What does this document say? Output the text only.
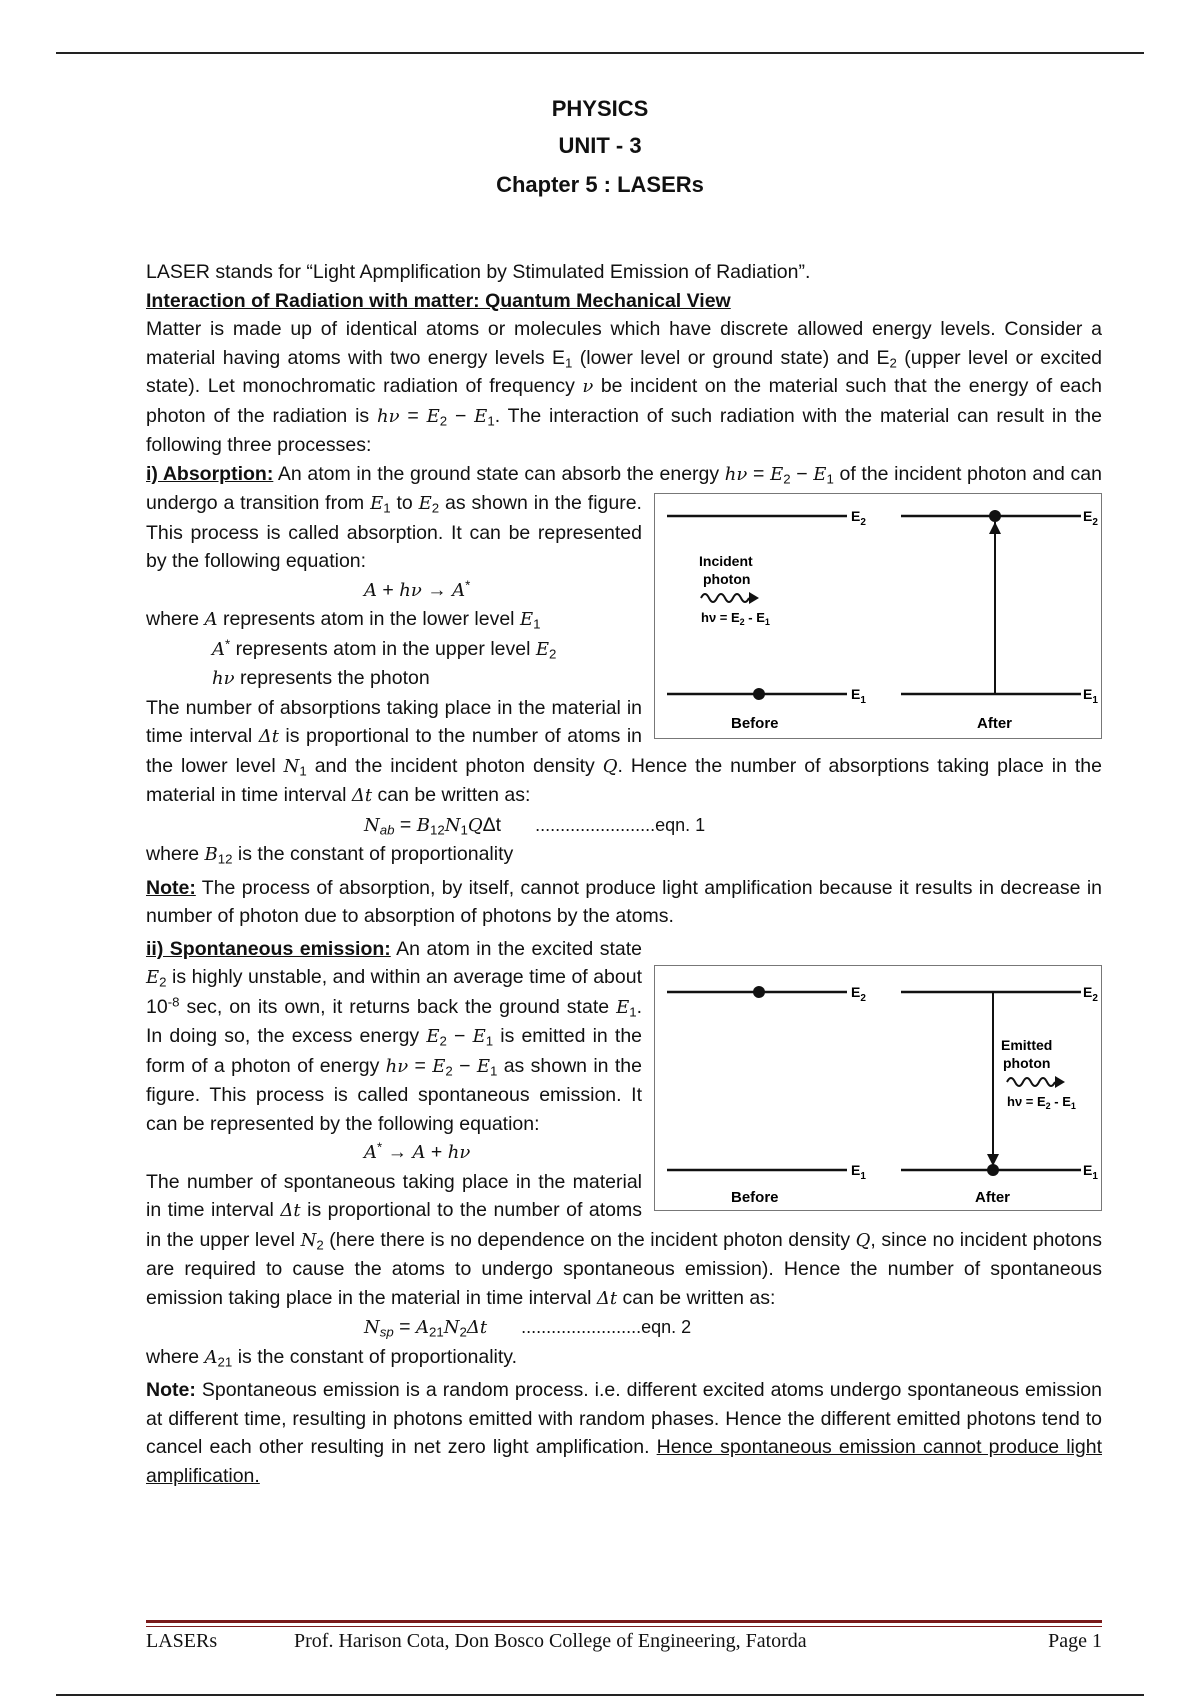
PHYSICS
UNIT - 3
Chapter 5 : LASERs

LASER stands for “Light Apmplification by Stimulated Emission of Radiation”.

Interaction of Radiation with matter: Quantum Mechanical View

Matter is made up of identical atoms or molecules which have discrete allowed energy levels. Consider a material having atoms with two energy levels $E_1$ (lower level or ground state) and $E_2$ (upper level or excited state). Let monochromatic radiation of frequency ν be incident on the material such that the energy of each photon of the radiation is $h\nu = E_2 - E_1$. The interaction of such radiation with the material can result in the following three processes:

i) Absorption: An atom in the ground state can absorb the energy $h\nu = E_2 - E_1$ of the incident photon and can undergo a transition from
$E_2$	$E_2$
Incident
photon
$h\nu = E_2 - E_1$
$E_1$	$E_1$
Before	After
$E_1$ to $E_2$ as shown in the figure. This process is called absorption. It can be represented by the following equation:

A + hν → A*

where A represents atom in the lower level $E_1$

A* represents atom in the upper level $E_2$

hν represents the photon

The number of absorptions taking place in the material in time interval Δt is proportional to the number of atoms in the lower level $N_1$ and the incident photon density Q. Hence the number of absorptions taking place in the material in time interval Δt can be written as:

$N_{ab} = B_{12}N_1Q\Delta t$ ........................eqn. 1

where $B_{12}$ is the constant of proportionality

Note: The process of absorption, by itself, cannot produce light amplification because it results in decrease in number of photon due to absorption of photons by the atoms.

ii) Spontaneous emission:
$E_2$	$E_2$
Emitted
photon
$h\nu = E_2 - E_1$
$E_1$	$E_1$
Before	After
An atom in the excited state $E_2$ is highly unstable, and within an average time of about $10^{-8}$ sec, on its own, it returns back the ground state $E_1$. In doing so, the excess energy $E_2 - E_1$ is emitted in the form of a photon of energy $h\nu = E_2 - E_1$ as shown in the figure. This process is called spontaneous emission. It can be represented by the following equation:

A* → A + hν

The number of spontaneous taking place in the material in time interval Δt is proportional to the number of atoms in the upper level $N_2$ (here there is no dependence on the incident photon density Q, since no incident photons are required to cause the atoms to undergo spontaneous emission). Hence the number of spontaneous emission taking place in the material in time interval Δt can be written as:

$N_{sp} = A_{21}N_2\Delta t$ ........................eqn. 2

where $A_{21}$ is the constant of proportionality.

Note: Spontaneous emission is a random process. i.e. different excited atoms undergo spontaneous emission at different time, resulting in photons emitted with random phases. Hence the different emitted photons tend to cancel each other resulting in net zero light amplification. Hence spontaneous emission cannot produce light amplification.

LASERs	Prof. Harison Cota, Don Bosco College of Engineering, Fatorda	Page 1
